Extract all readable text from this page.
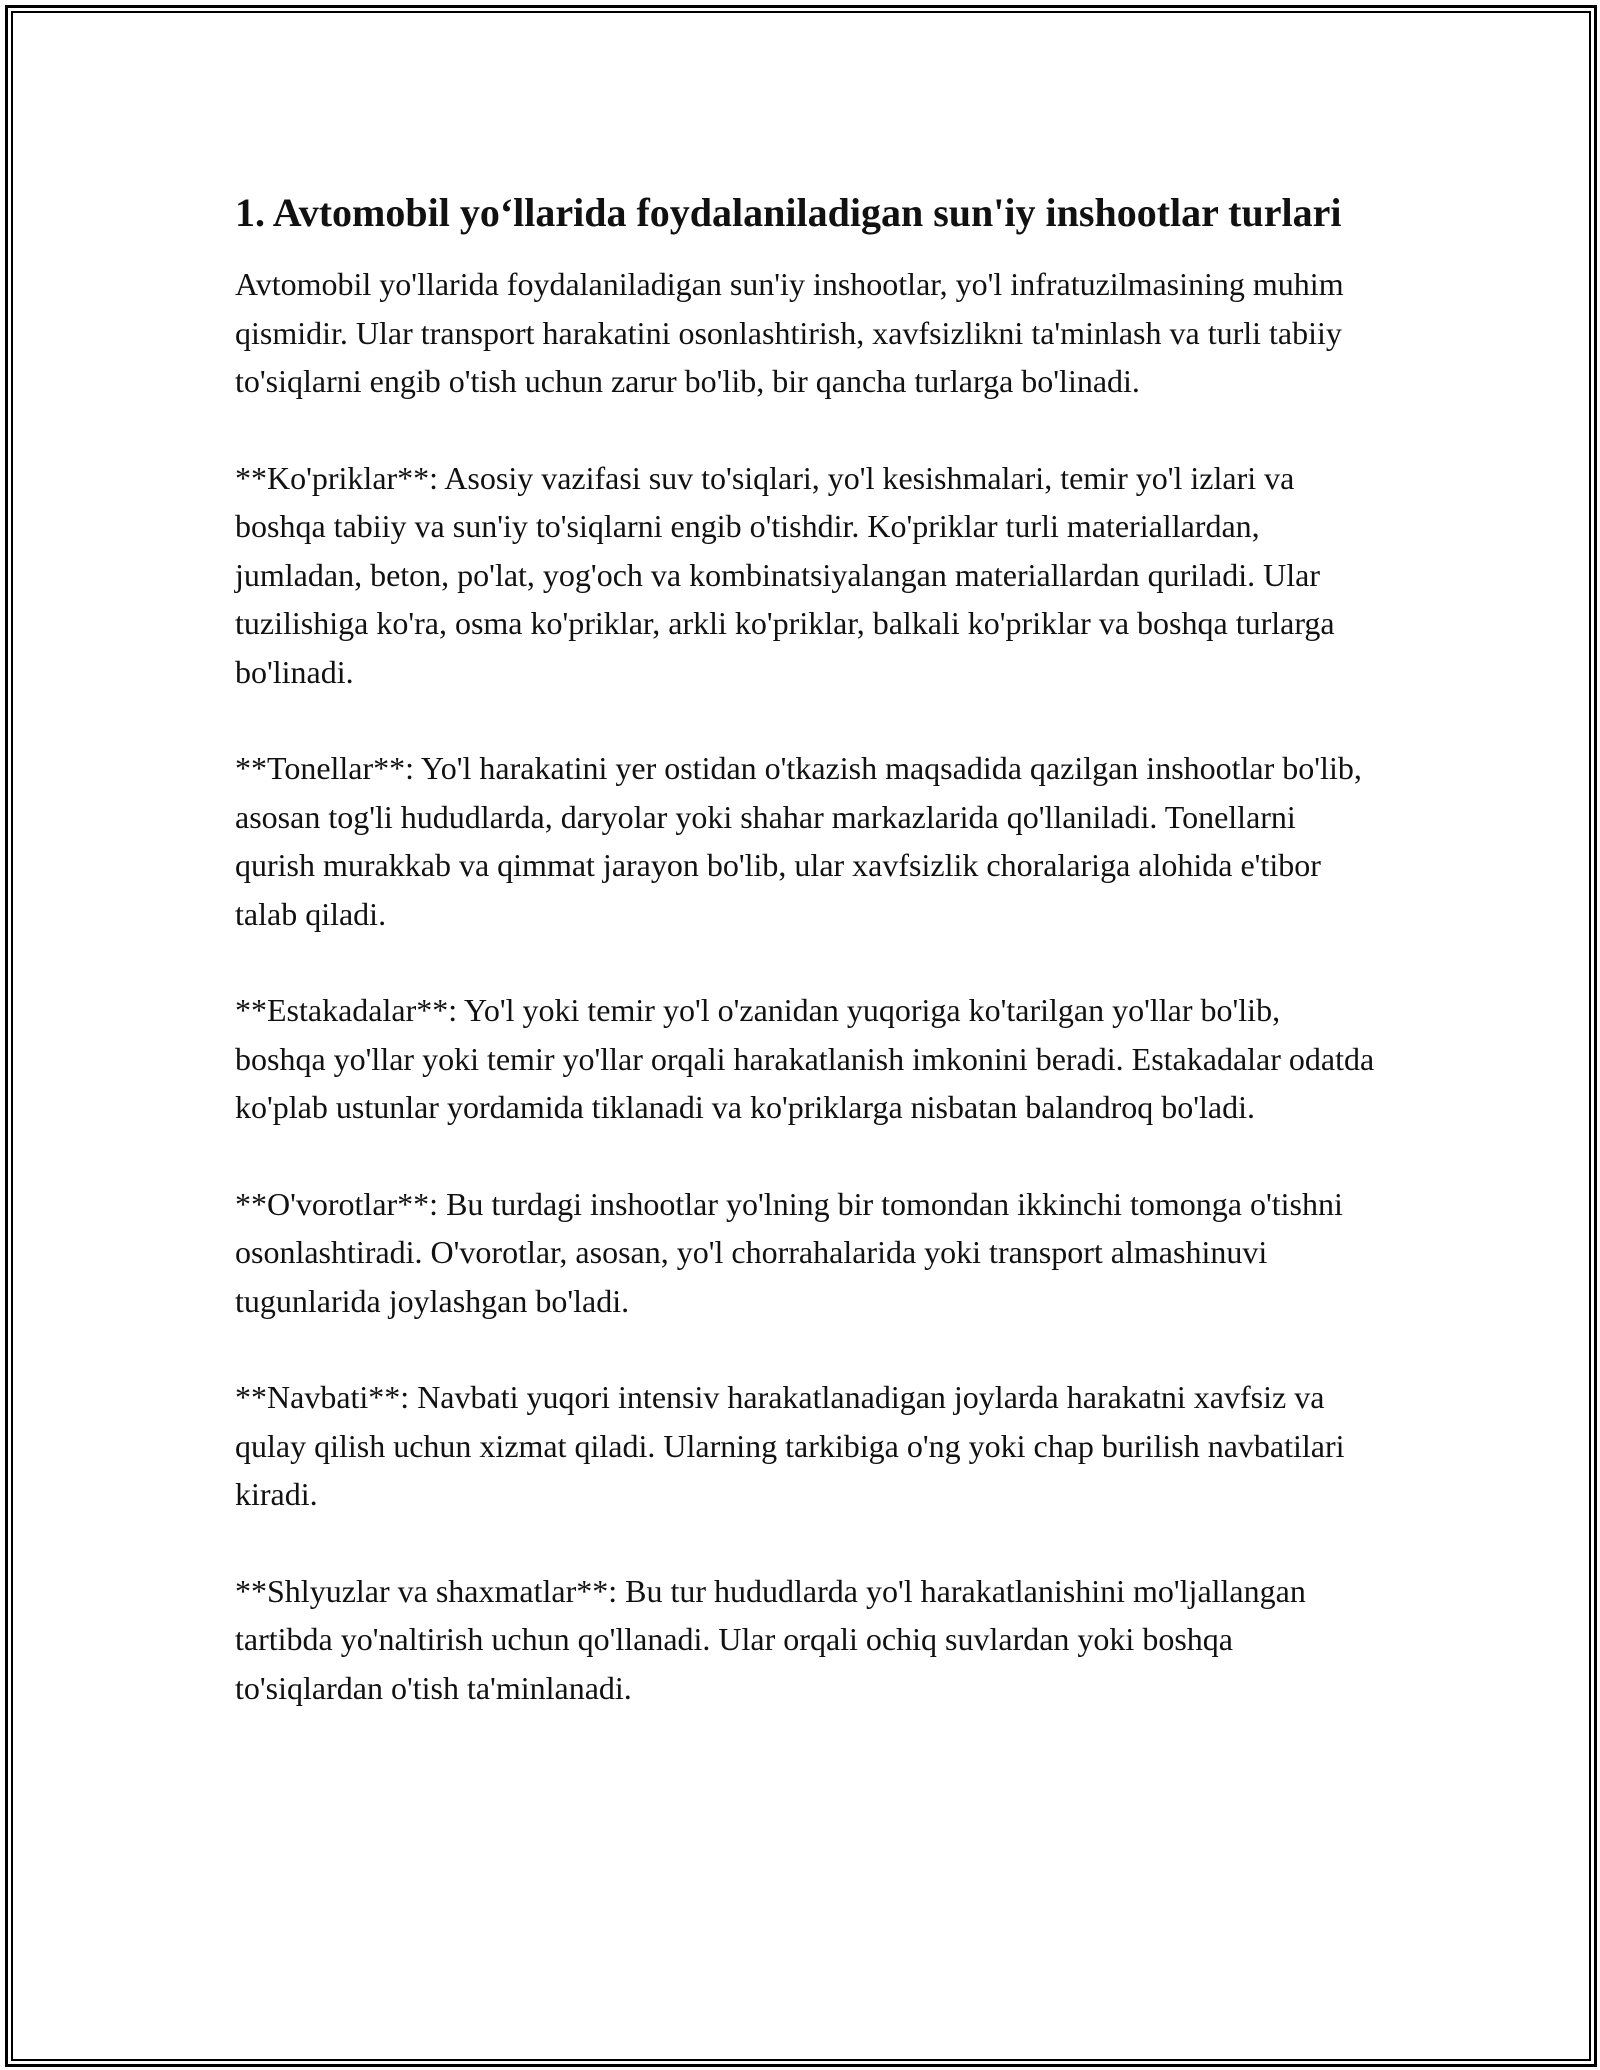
1. Avtomobil yo‘llarida foydalaniladigan sun'iy inshootlar turlari

Avtomobil yo'llarida foydalaniladigan sun'iy inshootlar, yo'l infratuzilmasining muhim qismidir. Ular transport harakatini osonlashtirish, xavfsizlikni ta'minlash va turli tabiiy to'siqlarni engib o'tish uchun zarur bo'lib, bir qancha turlarga bo'linadi.

**Ko'priklar**: Asosiy vazifasi suv to'siqlari, yo'l kesishmalari, temir yo'l izlari va boshqa tabiiy va sun'iy to'siqlarni engib o'tishdir. Ko'priklar turli materiallardan, jumladan, beton, po'lat, yog'och va kombinatsiyalangan materiallardan quriladi. Ular tuzilishiga ko'ra, osma ko'priklar, arkli ko'priklar, balkali ko'priklar va boshqa turlarga bo'linadi.

**Tonellar**: Yo'l harakatini yer ostidan o'tkazish maqsadida qazilgan inshootlar bo'lib, asosan tog'li hududlarda, daryolar yoki shahar markazlarida qo'llaniladi. Tonellarni qurish murakkab va qimmat jarayon bo'lib, ular xavfsizlik choralariga alohida e'tibor talab qiladi.

**Estakadalar**: Yo'l yoki temir yo'l o'zanidan yuqoriga ko'tarilgan yo'llar bo'lib, boshqa yo'llar yoki temir yo'llar orqali harakatlanish imkonini beradi. Estakadalar odatda ko'plab ustunlar yordamida tiklanadi va ko'priklarga nisbatan balandroq bo'ladi.

**O'vorotlar**: Bu turdagi inshootlar yo'lning bir tomondan ikkinchi tomonga o'tishni osonlashtiradi. O'vorotlar, asosan, yo'l chorrahalarida yoki transport almashinuvi tugunlarida joylashgan bo'ladi.

**Navbati**: Navbati yuqori intensiv harakatlanadigan joylarda harakatni xavfsiz va qulay qilish uchun xizmat qiladi. Ularning tarkibiga o'ng yoki chap burilish navbatilari kiradi.

**Shlyuzlar va shaxmatlar**: Bu tur hududlarda yo'l harakatlanishini mo'ljallangan tartibda yo'naltirish uchun qo'llanadi. Ular orqali ochiq suvlardan yoki boshqa to'siqlardan o'tish ta'minlanadi.
